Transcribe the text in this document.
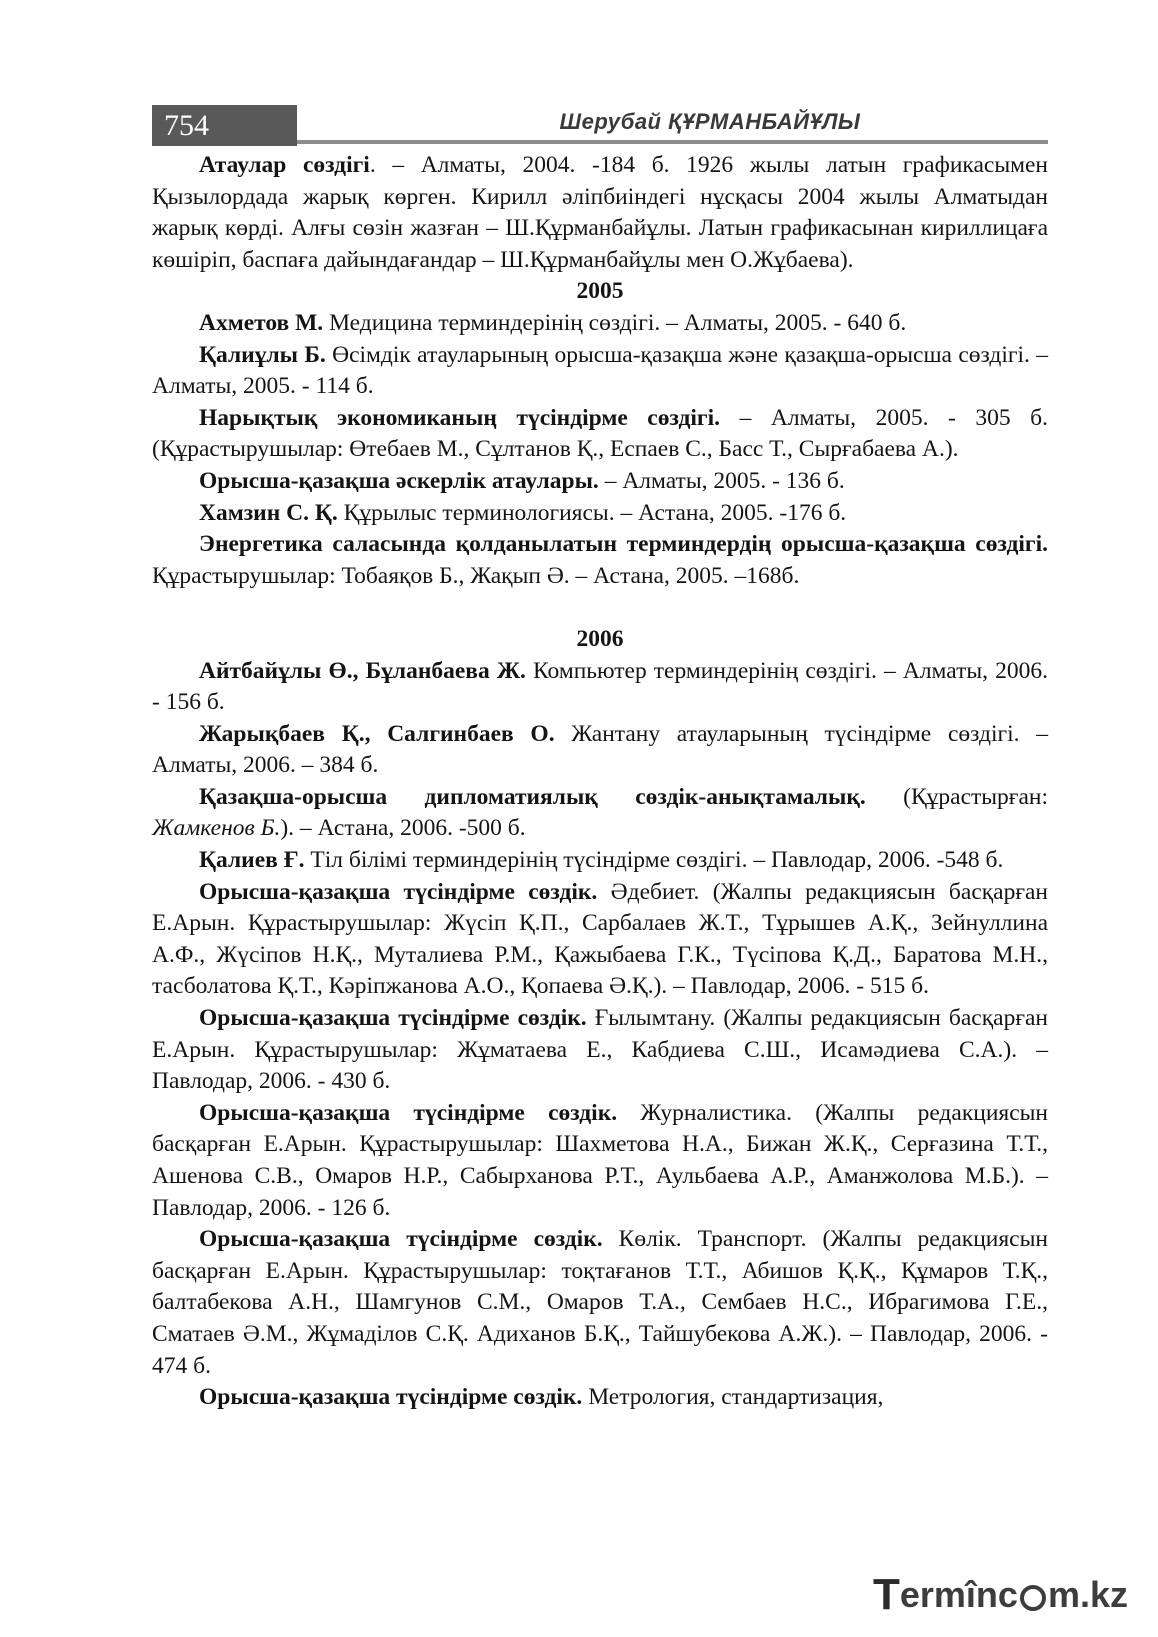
754	Шерубай ҚҰРМАНБАЙҰЛЫ

Атаулар сөздігі. – Алматы, 2004. -184 б. 1926 жылы латын графикасымен Қызылордада жарық көрген. Кирилл әліпбиіндегі нұсқасы 2004 жылы Алматыдан жарық көрді. Алғы сөзін жазған – Ш.Құрманбайұлы. Латын графикасынан кириллицаға көшіріп, баспаға дайындағандар – Ш.Құрманбайұлы мен О.Жұбаева).

2005

Ахметов М. Медицина терминдерінің сөздігі. – Алматы, 2005. - 640 б.

Қалиұлы Б. Өсімдік атауларының орысша-қазақша және қазақша-орысша сөздігі. – Алматы, 2005. - 114 б.

Нарықтық экономиканың түсіндірме сөздігі. – Алматы, 2005. - 305 б. (Құрастырушылар: Өтебаев М., Сұлтанов Қ., Еспаев С., Басс Т., Сырғабаева А.).

Орысша-қазақша әскерлік атаулары. – Алматы, 2005. - 136 б.

Хамзин С. Қ. Құрылыс терминологиясы. – Астана, 2005. -176 б.

Энергетика саласында қолданылатын терминдердің орысша-қазақша сөздігі. Құрастырушылар: Тобаяқов Б., Жақып Ә. – Астана, 2005. –168б.

2006

Айтбайұлы Ө., Бұланбаева Ж. Компьютер терминдерінің сөздігі. – Алматы, 2006. - 156 б.

Жарықбаев Қ., Салгинбаев О. Жантану атауларының түсіндірме сөздігі. – Алматы, 2006. – 384 б.

Қазақша-орысша дипломатиялық сөздік-анықтамалық. (Құрастырған: Жамкенов Б.). – Астана, 2006. -500 б.

Қалиев Ғ. Тіл білімі терминдерінің түсіндірме сөздігі. – Павлодар, 2006. -548 б.

Орысша-қазақша түсіндірме сөздік. Әдебиет. (Жалпы редакциясын басқарған Е.Арын. Құрастырушылар: Жүсіп Қ.П., Сарбалаев Ж.Т., Тұрышев А.Қ., Зейнуллина А.Ф., Жүсіпов Н.Қ., Муталиева Р.М., Қажыбаева Г.К., Түсіпова Қ.Д., Баратова М.Н., тасболатова Қ.Т., Кәріпжанова А.О., Қопаева Ә.Қ.). – Павлодар, 2006. - 515 б.

Орысша-қазақша түсіндірме сөздік. Ғылымтану. (Жалпы редакциясын басқарған Е.Арын. Құрастырушылар: Жұматаева Е., Кабдиева С.Ш., Исамәдиева С.А.). – Павлодар, 2006. - 430 б.

Орысша-қазақша түсіндірме сөздік. Журналистика. (Жалпы редакциясын басқарған Е.Арын. Құрастырушылар: Шахметова Н.А., Бижан Ж.Қ., Серғазина Т.Т., Ашенова С.В., Омаров Н.Р., Сабырханова Р.Т., Аульбаева А.Р., Аманжолова М.Б.). – Павлодар, 2006. - 126 б.

Орысша-қазақша түсіндірме сөздік. Көлік. Транспорт. (Жалпы редакциясын басқарған Е.Арын. Құрастырушылар: тоқтағанов Т.Т., Абишов Қ.Қ., Құмаров Т.Қ., балтабекова А.Н., Шамгунов С.М., Омаров Т.А., Сембаев Н.С., Ибрагимова Г.Е., Сматаев Ә.М., Жұмаділов С.Қ. Адиханов Б.Қ., Тайшубекова А.Ж.). – Павлодар, 2006. - 474 б.

Орысша-қазақша түсіндірме сөздік. Метрология, стандартизация,

T ermînc m.kz
